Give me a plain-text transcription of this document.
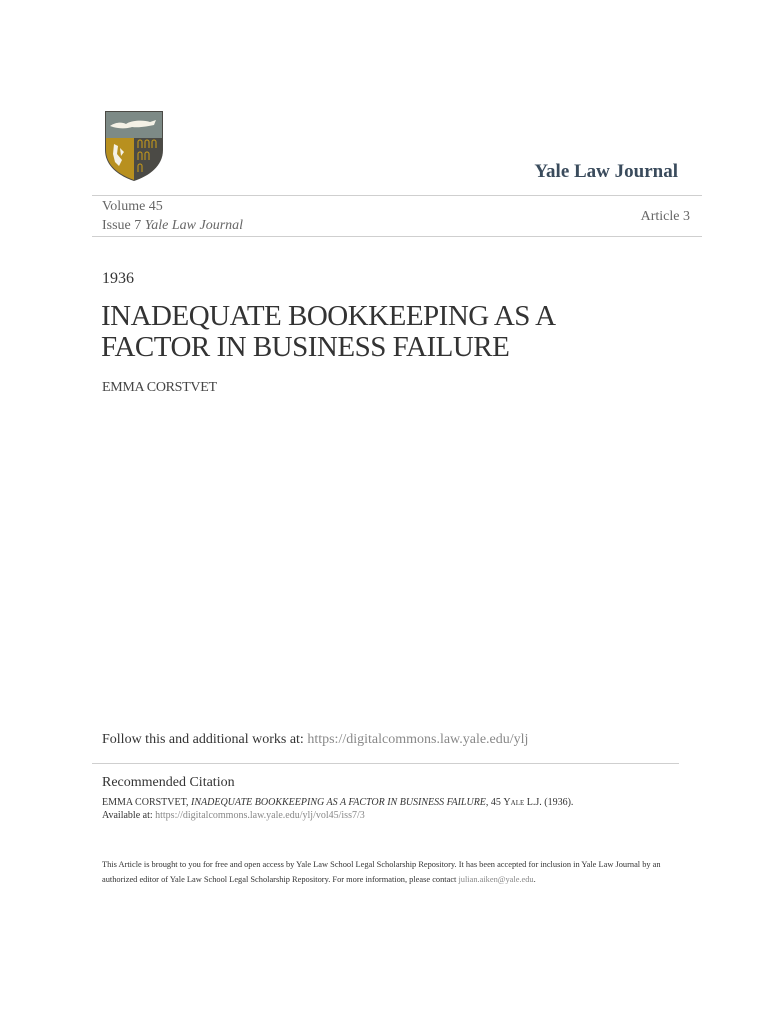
Yale Law Journal
Volume 45
Issue 7 Yale Law Journal
Article 3
1936
INADEQUATE BOOKKEEPING AS A FACTOR IN BUSINESS FAILURE
EMMA CORSTVET
Follow this and additional works at: https://digitalcommons.law.yale.edu/ylj
Recommended Citation
EMMA CORSTVET, INADEQUATE BOOKKEEPING AS A FACTOR IN BUSINESS FAILURE, 45 Yale L.J. (1936).
Available at: https://digitalcommons.law.yale.edu/ylj/vol45/iss7/3
This Article is brought to you for free and open access by Yale Law School Legal Scholarship Repository. It has been accepted for inclusion in Yale Law Journal by an authorized editor of Yale Law School Legal Scholarship Repository. For more information, please contact julian.aiken@yale.edu.
